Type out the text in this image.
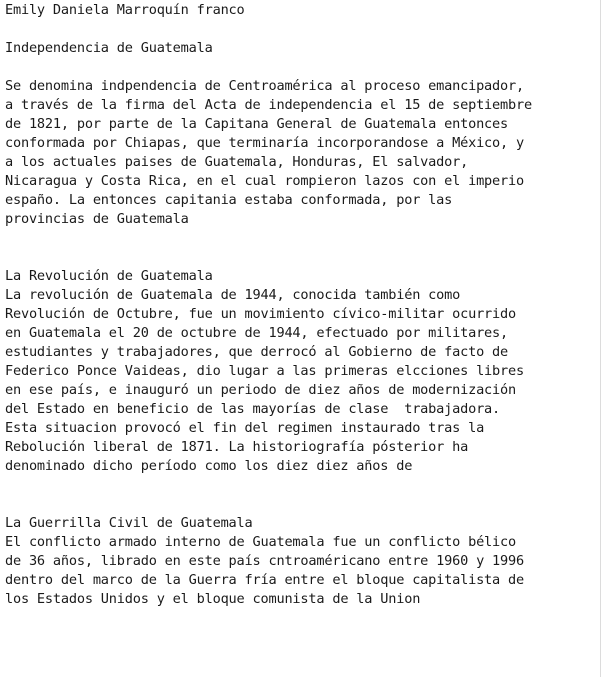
Emily Daniela Marroquín franco
Independencia de Guatemala
Se denomina indpendencia de Centroamérica al proceso emancipador,
a través de la firma del Acta de independencia el 15 de septiembre
de 1821, por parte de la Capitana General de Guatemala entonces
conformada por Chiapas, que terminaría incorporandose a México, y
a los actuales paises de Guatemala, Honduras, El salvador,
Nicaragua y Costa Rica, en el cual rompieron lazos con el imperio
españo. La entonces capitania estaba conformada, por las
provincias de Guatemala
La Revolución de Guatemala
La revolución de Guatemala de 1944, conocida también como
Revolución de Octubre, fue un movimiento cívico-militar ocurrido
en Guatemala el 20 de octubre de 1944, efectuado por militares,
estudiantes y trabajadores, que derrocó al Gobierno de facto de
Federico Ponce Vaideas, dio lugar a las primeras elcciones libres
en ese país, e inauguró un periodo de diez años de modernización
del Estado en beneficio de las mayorías de clase  trabajadora.
Esta situacion provocó el fin del regimen instaurado tras la
Rebolución liberal de 1871. La historiografía pósterior ha
denominado dicho período como los diez diez años de
La Guerrilla Civil de Guatemala
El conflicto armado interno de Guatemala fue un conflicto bélico
de 36 años, librado en este país cntroaméricano entre 1960 y 1996
dentro del marco de la Guerra fría entre el bloque capitalista de
los Estados Unidos y el bloque comunista de la Union
